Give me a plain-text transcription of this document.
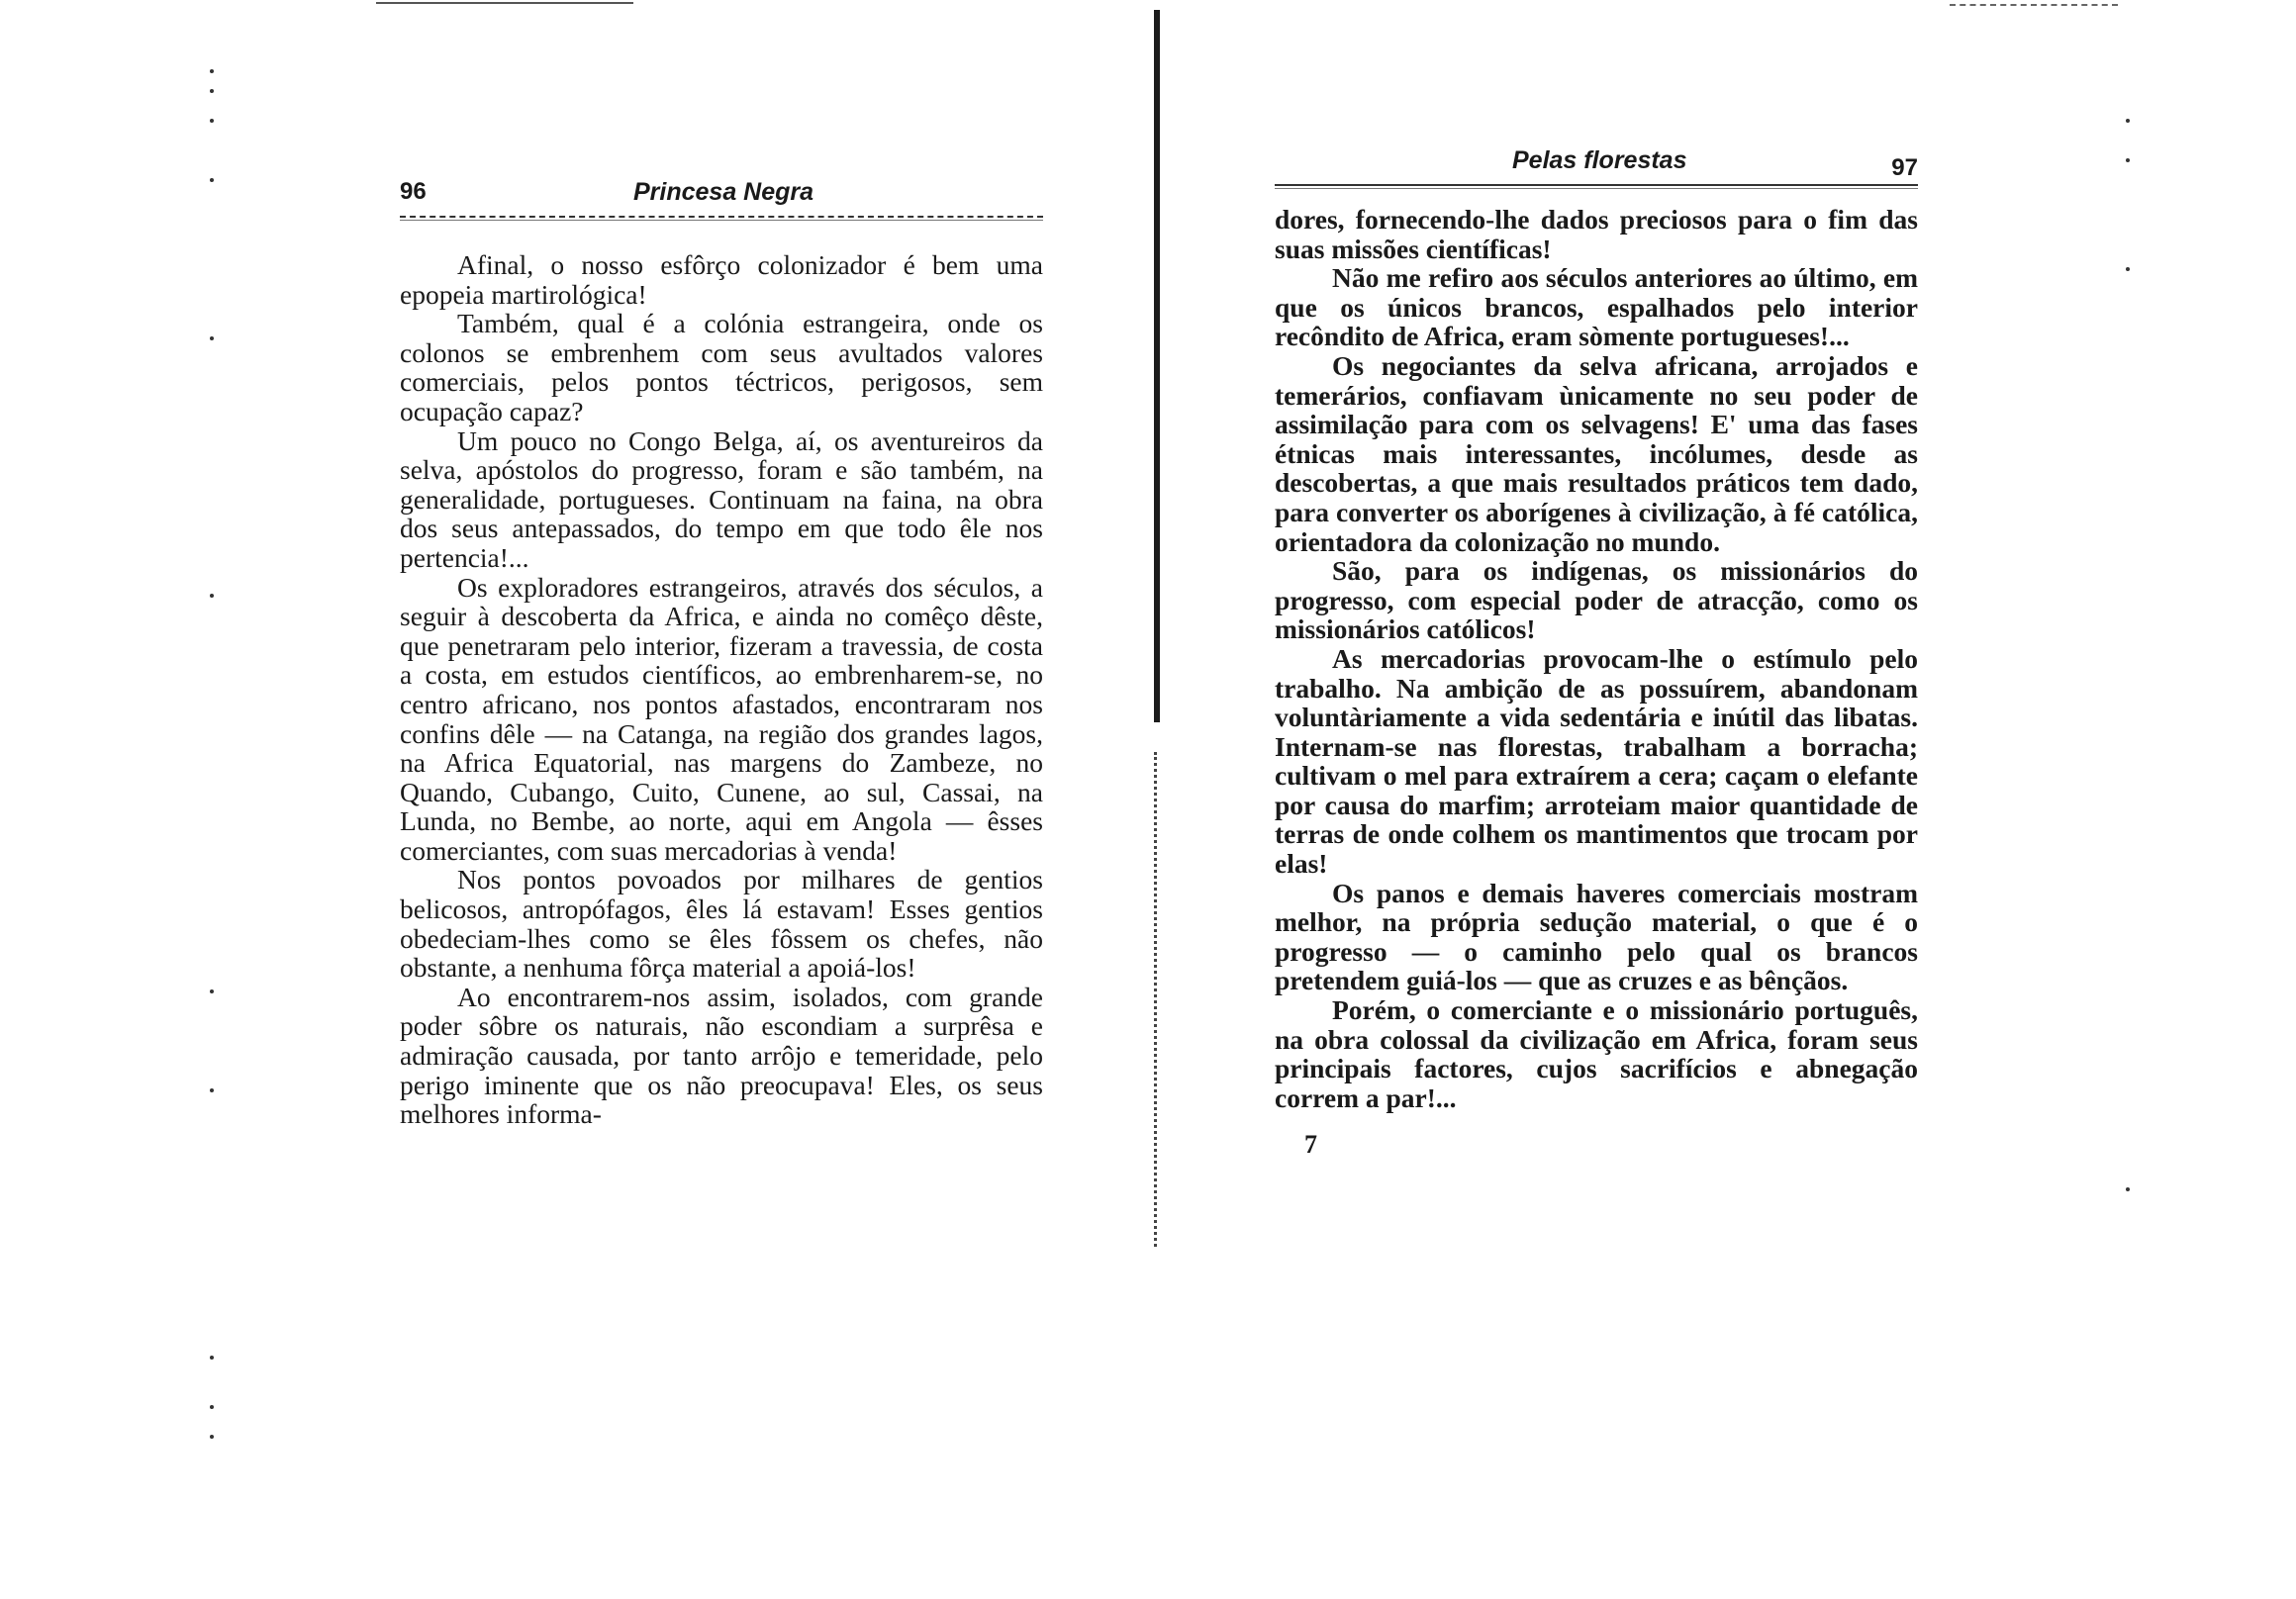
96	Princesa Negra

Afinal, o nosso esfôrço colonizador é bem uma epopeia martirológica!

Também, qual é a colónia estrangeira, onde os colonos se embrenhem com seus avultados valores comerciais, pelos pontos téctricos, perigosos, sem ocupação capaz?

Um pouco no Congo Belga, aí, os aventureiros da selva, apóstolos do progresso, foram e são também, na generalidade, portugueses. Continuam na faina, na obra dos seus antepassados, do tempo em que todo êle nos pertencia!...

Os exploradores estrangeiros, através dos séculos, a seguir à descoberta da Africa, e ainda no comêço dêste, que penetraram pelo interior, fizeram a travessia, de costa a costa, em estudos científicos, ao embrenharem-se, no centro africano, nos pontos afastados, encontraram nos confins dêle — na Catanga, na região dos grandes lagos, na Africa Equatorial, nas margens do Zambeze, no Quando, Cubango, Cuito, Cunene, ao sul, Cassai, na Lunda, no Bembe, ao norte, aqui em Angola — êsses comerciantes, com suas mercadorias à venda!

Nos pontos povoados por milhares de gentios belicosos, antropófagos, êles lá estavam! Esses gentios obedeciam-lhes como se êles fôssem os chefes, não obstante, a nenhuma fôrça material a apoiá-los!

Ao encontrarem-nos assim, isolados, com grande poder sôbre os naturais, não escondiam a surprêsa e admiração causada, por tanto arrôjo e temeridade, pelo perigo iminente que os não preocupava! Eles, os seus melhores informa-

Pelas florestas	97

dores, fornecendo-lhe dados preciosos para o fim das suas missões científicas!

Não me refiro aos séculos anteriores ao último, em que os únicos brancos, espalhados pelo interior recôndito de Africa, eram sòmente portugueses!...

Os negociantes da selva africana, arrojados e temerários, confiavam ùnicamente no seu poder de assimilação para com os selvagens! E' uma das fases étnicas mais interessantes, incólumes, desde as descobertas, a que mais resultados práticos tem dado, para converter os aborígenes à civilização, à fé católica, orientadora da colonização no mundo.

São, para os indígenas, os missionários do progresso, com especial poder de atracção, como os missionários católicos!

As mercadorias provocam-lhe o estímulo pelo trabalho. Na ambição de as possuírem, abandonam voluntàriamente a vida sedentária e inútil das libatas. Internam-se nas florestas, trabalham a borracha; cultivam o mel para extraírem a cera; caçam o elefante por causa do marfim; arroteiam maior quantidade de terras de onde colhem os mantimentos que trocam por elas!

Os panos e demais haveres comerciais mostram melhor, na própria sedução material, o que é o progresso — o caminho pelo qual os brancos pretendem guiá-los — que as cruzes e as bênçãos.

Porém, o comerciante e o missionário português, na obra colossal da civilização em Africa, foram seus principais factores, cujos sacrifícios e abnegação correm a par!...

7
